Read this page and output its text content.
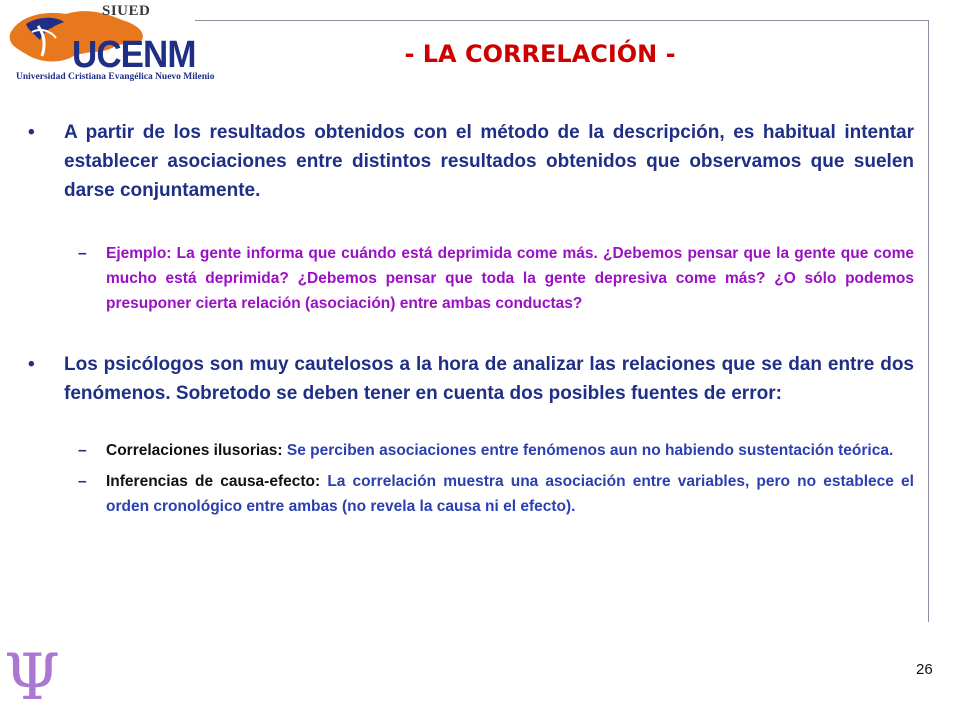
SIUED
UCENM
Universidad Cristiana Evangélica Nuevo Milenio
- LA CORRELACIÓN -
• A partir de los resultados obtenidos con el método de la descripción, es habitual intentar establecer asociaciones entre distintos resultados obtenidos que observamos que suelen darse conjuntamente.
– Ejemplo: La gente informa que cuándo está deprimida come más. ¿Debemos pensar que la gente que come mucho está deprimida? ¿Debemos pensar que toda la gente depresiva come más? ¿O sólo podemos presuponer cierta relación (asociación) entre ambas conductas?
• Los psicólogos son muy cautelosos a la hora de analizar las relaciones que se dan entre dos fenómenos. Sobretodo se deben tener en cuenta dos posibles fuentes de error:
– Correlaciones ilusorias: Se perciben asociaciones entre fenómenos aun no habiendo sustentación teórica.
– Inferencias de causa-efecto: La correlación muestra una asociación entre variables, pero no establece el orden cronológico entre ambas (no revela la causa ni el efecto).
Ψ	26
